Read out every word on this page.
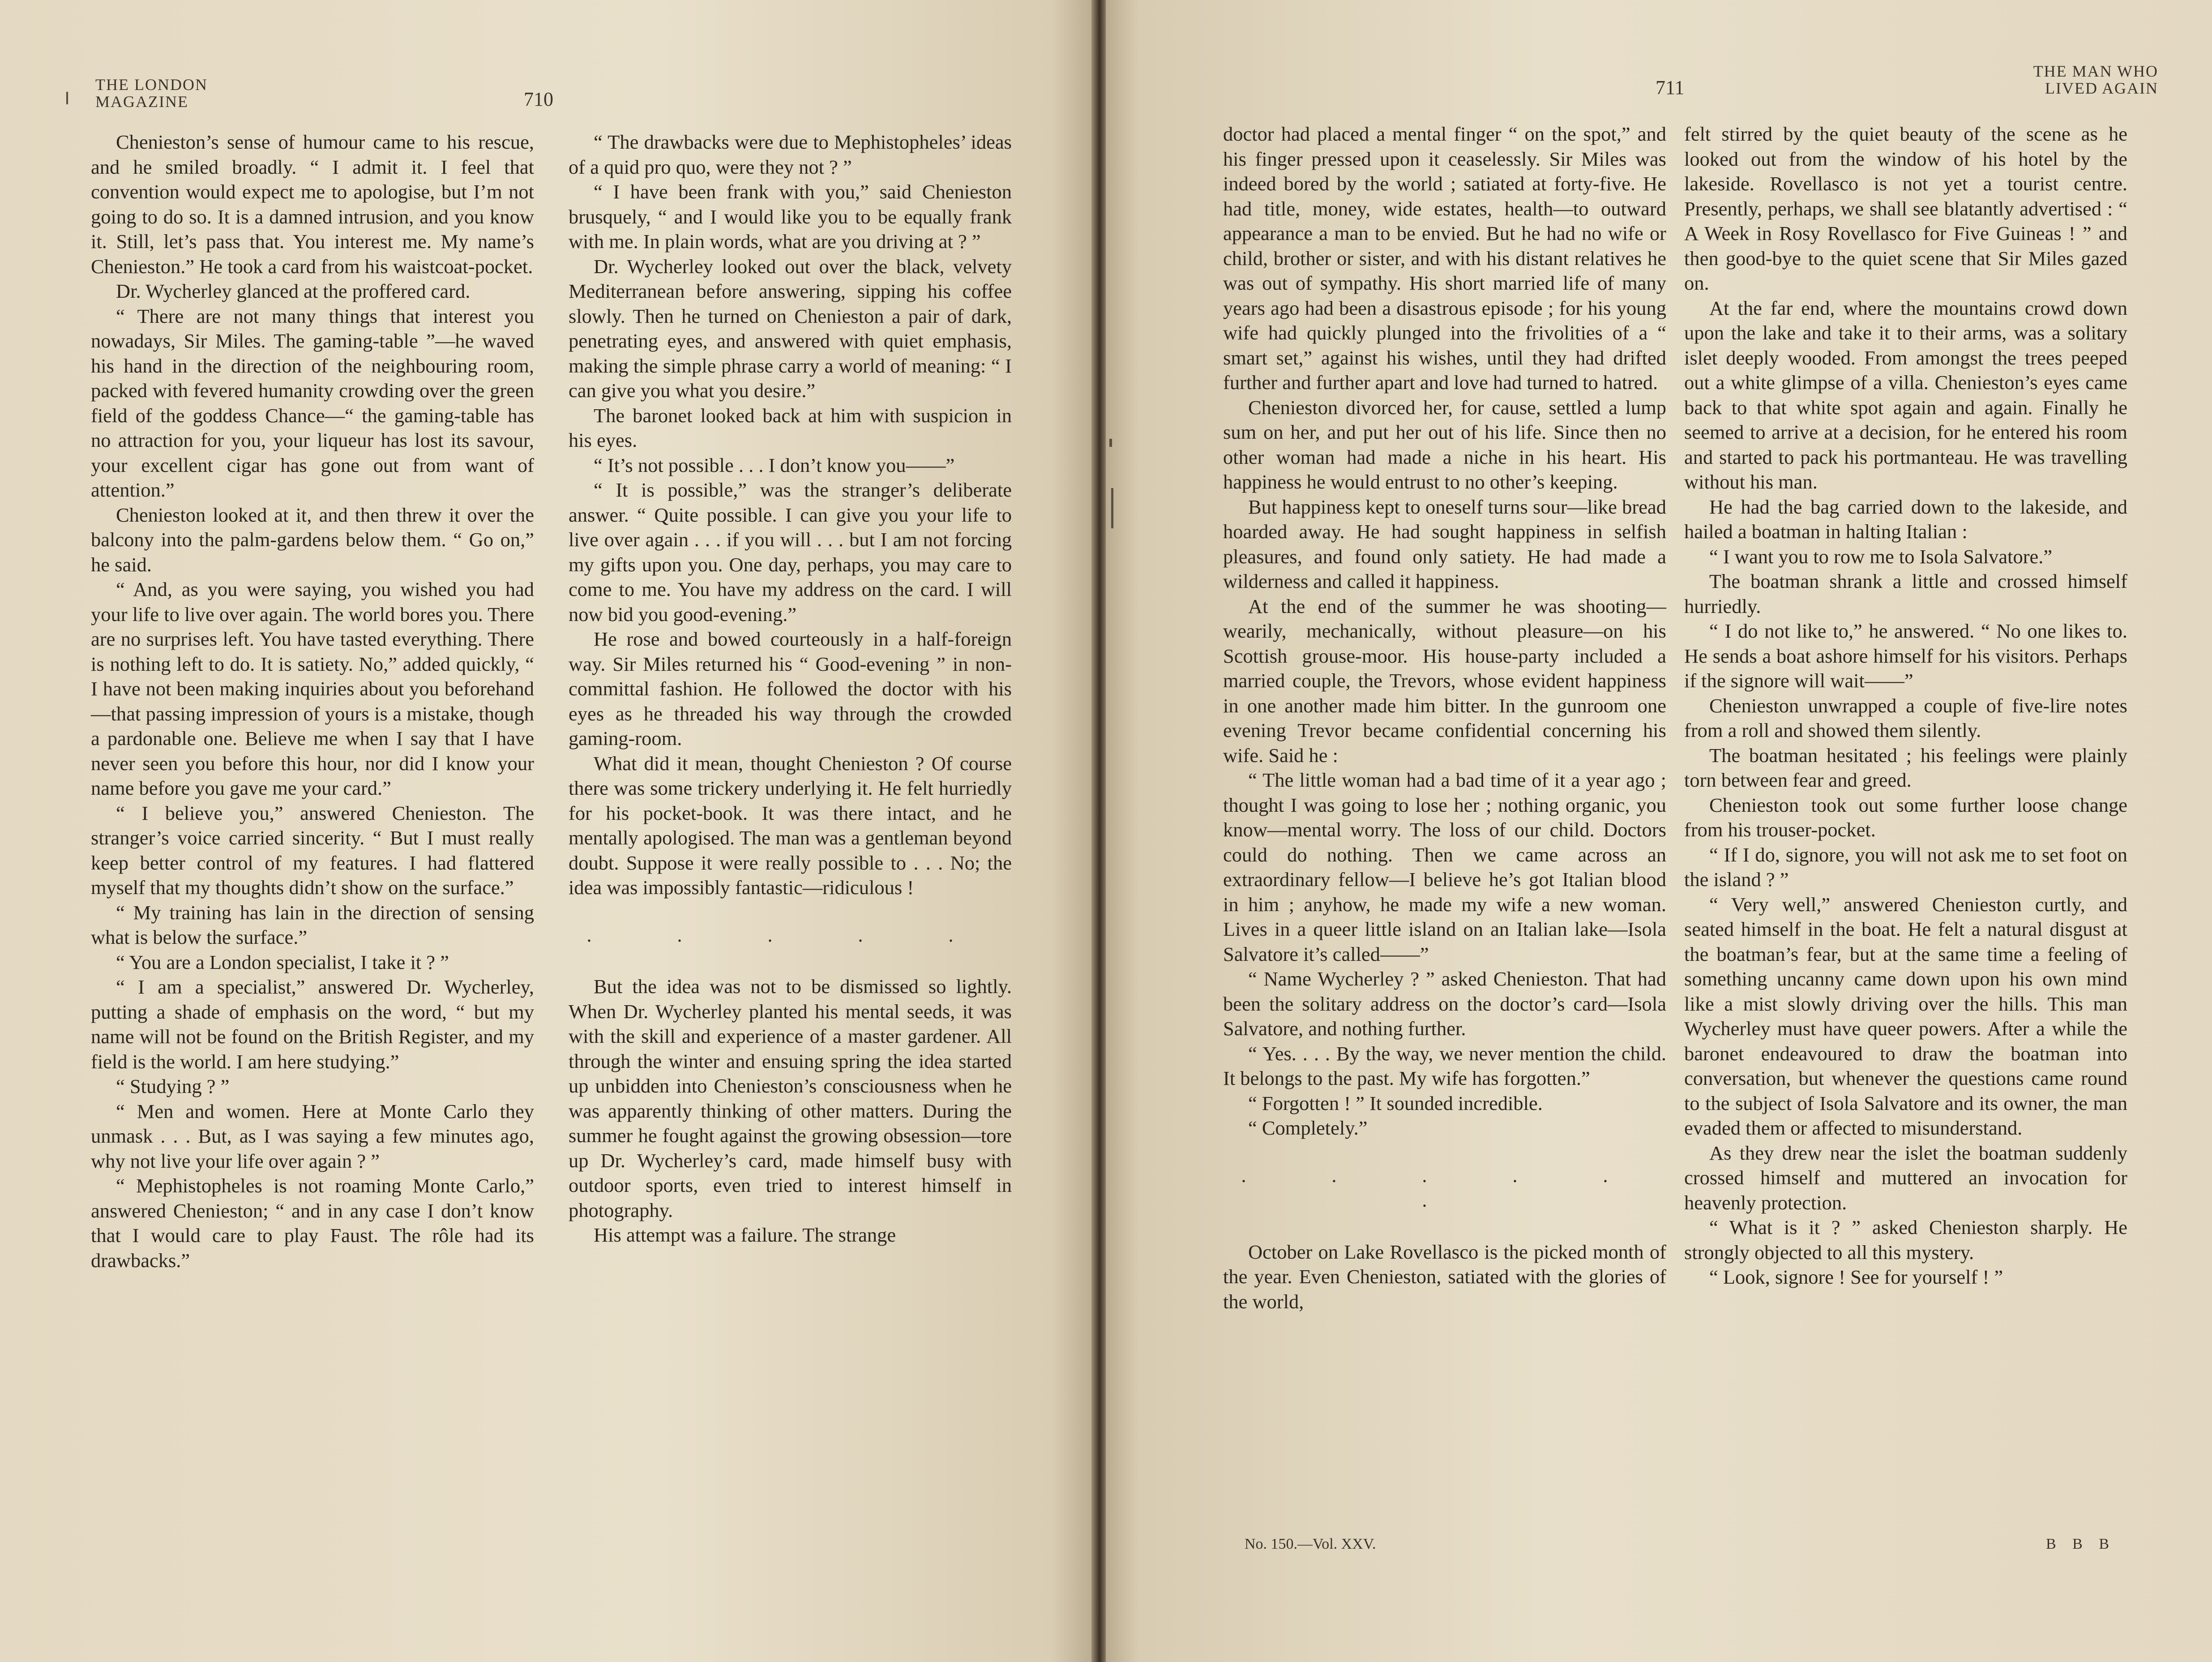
THE LONDON
MAGAZINE	710

Chenieston’s sense of humour came to his rescue, and he smiled broadly. “ I admit it. I feel that convention would expect me to apologise, but I’m not going to do so. It is a damned intrusion, and you know it. Still, let’s pass that. You interest me. My name’s Chenieston.” He took a card from his waistcoat-pocket.

Dr. Wycherley glanced at the proffered card.

“ There are not many things that interest you nowadays, Sir Miles. The gaming-table ”—he waved his hand in the direction of the neighbouring room, packed with fevered humanity crowding over the green field of the goddess Chance—“ the gaming-table has no attraction for you, your liqueur has lost its savour, your excellent cigar has gone out from want of attention.”

Chenieston looked at it, and then threw it over the balcony into the palm-gardens below them. “ Go on,” he said.

“ And, as you were saying, you wished you had your life to live over again. The world bores you. There are no surprises left. You have tasted everything. There is nothing left to do. It is satiety. No,” added quickly, “ I have not been making inquiries about you beforehand—that passing impression of yours is a mistake, though a pardonable one. Believe me when I say that I have never seen you before this hour, nor did I know your name before you gave me your card.”

“ I believe you,” answered Chenieston. The stranger’s voice carried sincerity. “ But I must really keep better control of my features. I had flattered myself that my thoughts didn’t show on the surface.”

“ My training has lain in the direction of sensing what is below the surface.”

“ You are a London specialist, I take it ? ”

“ I am a specialist,” answered Dr. Wycherley, putting a shade of emphasis on the word, “ but my name will not be found on the British Register, and my field is the world. I am here studying.”

“ Studying ? ”

“ Men and women. Here at Monte Carlo they unmask . . . But, as I was saying a few minutes ago, why not live your life over again ? ”

“ Mephistopheles is not roaming Monte Carlo,” answered Chenieston; “ and in any case I don’t know that I would care to play Faust. The rôle had its drawbacks.”

“ The drawbacks were due to Mephistopheles’ ideas of a quid pro quo, were they not ? ”

“ I have been frank with you,” said Chenieston brusquely, “ and I would like you to be equally frank with me. In plain words, what are you driving at ? ”

Dr. Wycherley looked out over the black, velvety Mediterranean before answering, sipping his coffee slowly. Then he turned on Chenieston a pair of dark, penetrating eyes, and answered with quiet emphasis, making the simple phrase carry a world of meaning: “ I can give you what you desire.”

The baronet looked back at him with suspicion in his eyes.

“ It’s not possible . . . I don’t know you——”

“ It is possible,” was the stranger’s deliberate answer. “ Quite possible. I can give you your life to live over again . . . if you will . . . but I am not forcing my gifts upon you. One day, perhaps, you may care to come to me. You have my address on the card. I will now bid you good-evening.”

He rose and bowed courteously in a half-foreign way. Sir Miles returned his “ Good-evening ” in non-committal fashion. He followed the doctor with his eyes as he threaded his way through the crowded gaming-room.

What did it mean, thought Chenieston ? Of course there was some trickery underlying it. He felt hurriedly for his pocket-book. It was there intact, and he mentally apologised. The man was a gentleman beyond doubt. Suppose it were really possible to . . . No; the idea was impossibly fantastic—ridiculous !

. . . . .

But the idea was not to be dismissed so lightly. When Dr. Wycherley planted his mental seeds, it was with the skill and experience of a master gardener. All through the winter and ensuing spring the idea started up unbidden into Chenieston’s consciousness when he was apparently thinking of other matters. During the summer he fought against the growing obsession—tore up Dr. Wycherley’s card, made himself busy with outdoor sports, even tried to interest himself in photography.

His attempt was a failure. The strange

711
THE MAN WHO
LIVED AGAIN

doctor had placed a mental finger “ on the spot,” and his finger pressed upon it ceaselessly. Sir Miles was indeed bored by the world ; satiated at forty-five. He had title, money, wide estates, health—to outward appearance a man to be envied. But he had no wife or child, brother or sister, and with his distant relatives he was out of sympathy. His short married life of many years ago had been a disastrous episode ; for his young wife had quickly plunged into the frivolities of a “ smart set,” against his wishes, until they had drifted further and further apart and love had turned to hatred.

Chenieston divorced her, for cause, settled a lump sum on her, and put her out of his life. Since then no other woman had made a niche in his heart. His happiness he would entrust to no other’s keeping.

But happiness kept to oneself turns sour—like bread hoarded away. He had sought happiness in selfish pleasures, and found only satiety. He had made a wilderness and called it happiness.

At the end of the summer he was shooting—wearily, mechanically, without pleasure—on his Scottish grouse-moor. His house-party included a married couple, the Trevors, whose evident happiness in one another made him bitter. In the gunroom one evening Trevor became confidential concerning his wife. Said he :

“ The little woman had a bad time of it a year ago ; thought I was going to lose her ; nothing organic, you know—mental worry. The loss of our child. Doctors could do nothing. Then we came across an extraordinary fellow—I believe he’s got Italian blood in him ; anyhow, he made my wife a new woman. Lives in a queer little island on an Italian lake—Isola Salvatore it’s called——”

“ Name Wycherley ? ” asked Chenieston. That had been the solitary address on the doctor’s card—Isola Salvatore, and nothing further.

“ Yes. . . . By the way, we never mention the child. It belongs to the past. My wife has forgotten.”

“ Forgotten ! ” It sounded incredible.

“ Completely.”

. . . . . .

October on Lake Rovellasco is the picked month of the year. Even Chenieston, satiated with the glories of the world,

felt stirred by the quiet beauty of the scene as he looked out from the window of his hotel by the lakeside. Rovellasco is not yet a tourist centre. Presently, perhaps, we shall see blatantly advertised : “ A Week in Rosy Rovellasco for Five Guineas ! ” and then good-bye to the quiet scene that Sir Miles gazed on.

At the far end, where the mountains crowd down upon the lake and take it to their arms, was a solitary islet deeply wooded. From amongst the trees peeped out a white glimpse of a villa. Chenieston’s eyes came back to that white spot again and again. Finally he seemed to arrive at a decision, for he entered his room and started to pack his portmanteau. He was travelling without his man.

He had the bag carried down to the lakeside, and hailed a boatman in halting Italian :

“ I want you to row me to Isola Salvatore.”

The boatman shrank a little and crossed himself hurriedly.

“ I do not like to,” he answered. “ No one likes to. He sends a boat ashore himself for his visitors. Perhaps if the signore will wait——”

Chenieston unwrapped a couple of five-lire notes from a roll and showed them silently.

The boatman hesitated ; his feelings were plainly torn between fear and greed.

Chenieston took out some further loose change from his trouser-pocket.

“ If I do, signore, you will not ask me to set foot on the island ? ”

“ Very well,” answered Chenieston curtly, and seated himself in the boat. He felt a natural disgust at the boatman’s fear, but at the same time a feeling of something uncanny came down upon his own mind like a mist slowly driving over the hills. This man Wycherley must have queer powers. After a while the baronet endeavoured to draw the boatman into conversation, but whenever the questions came round to the subject of Isola Salvatore and its owner, the man evaded them or affected to misunderstand.

As they drew near the islet the boatman suddenly crossed himself and muttered an invocation for heavenly protection.

“ What is it ? ” asked Chenieston sharply. He strongly objected to all this mystery.

“ Look, signore ! See for yourself ! ”

No. 150.—Vol. XXV.	B B B
